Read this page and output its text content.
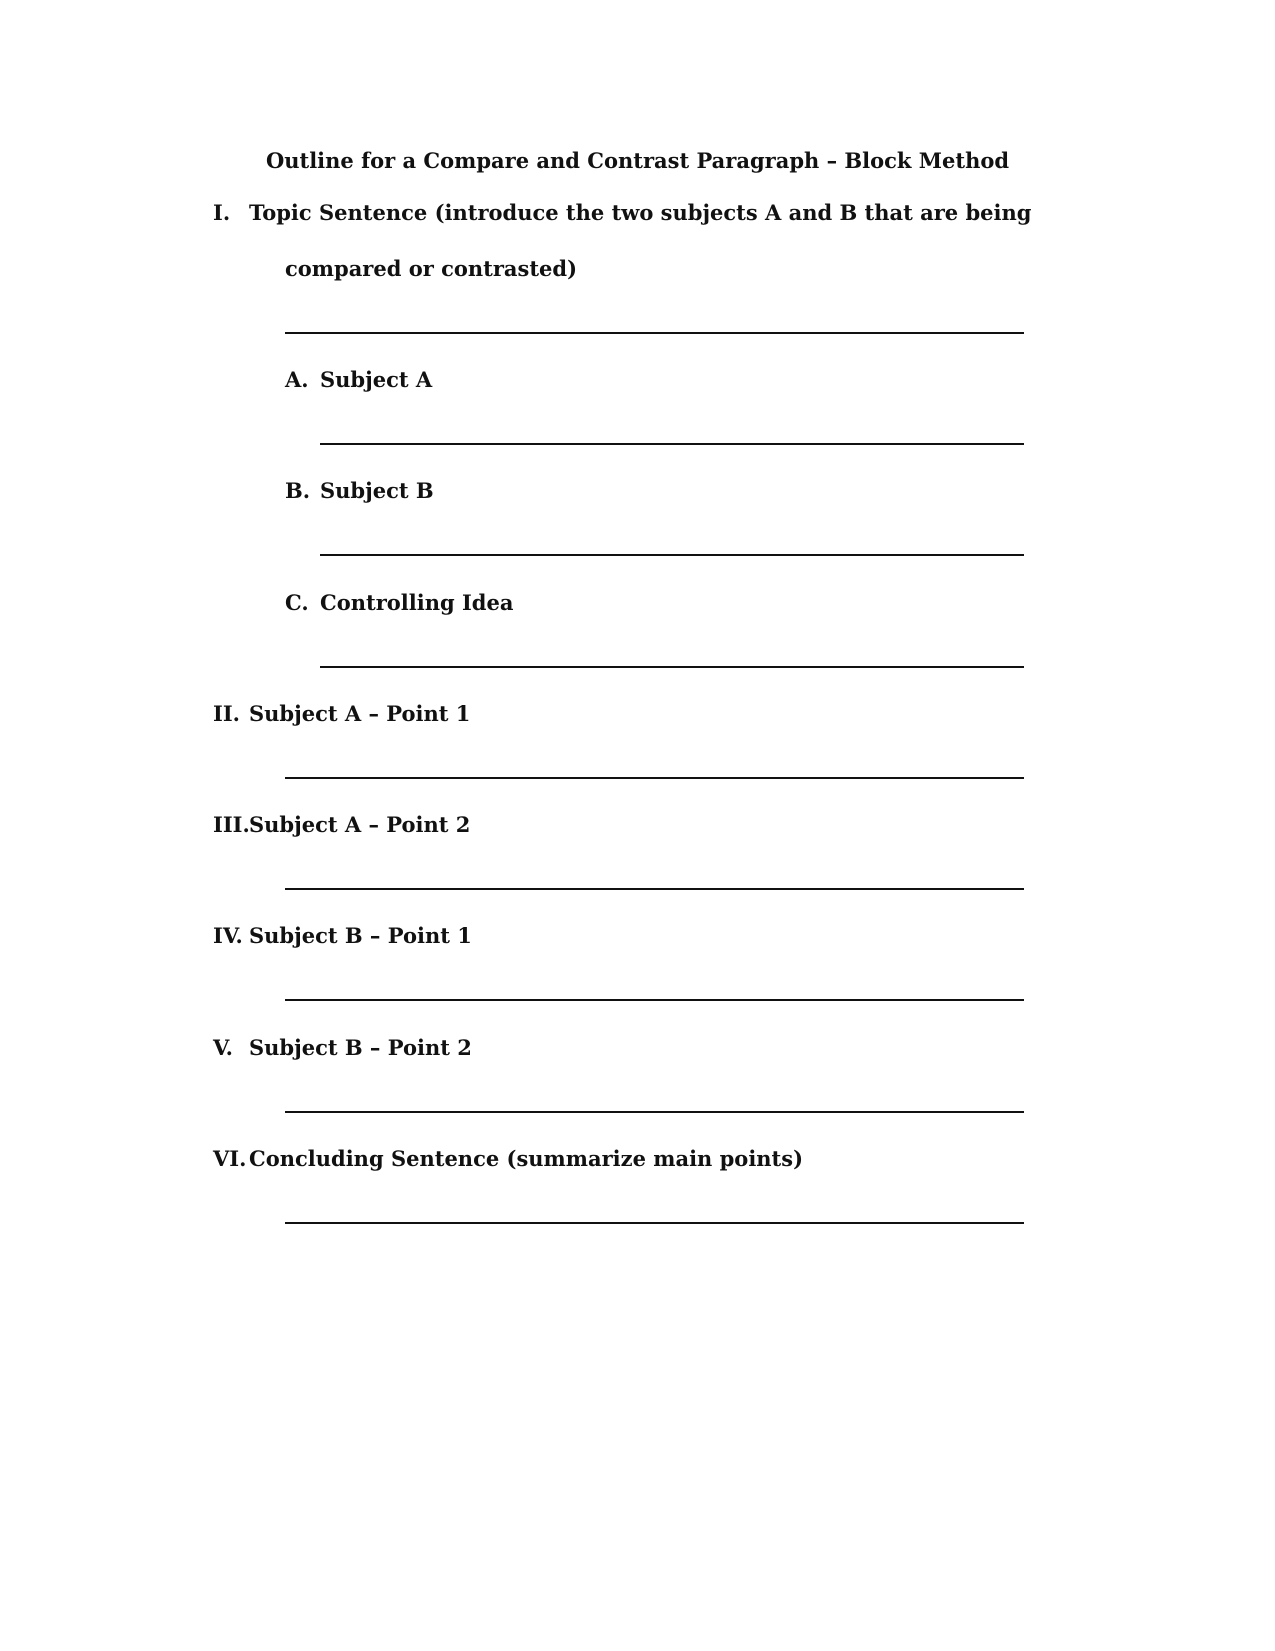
Outline for a Compare and Contrast Paragraph – Block Method
I. Topic Sentence (introduce the two subjects A and B that are being
compared or contrasted)
A. Subject A
B. Subject B
C. Controlling Idea
II. Subject A – Point 1
III. Subject A – Point 2
IV. Subject B – Point 1
V. Subject B – Point 2
VI. Concluding Sentence (summarize main points)
